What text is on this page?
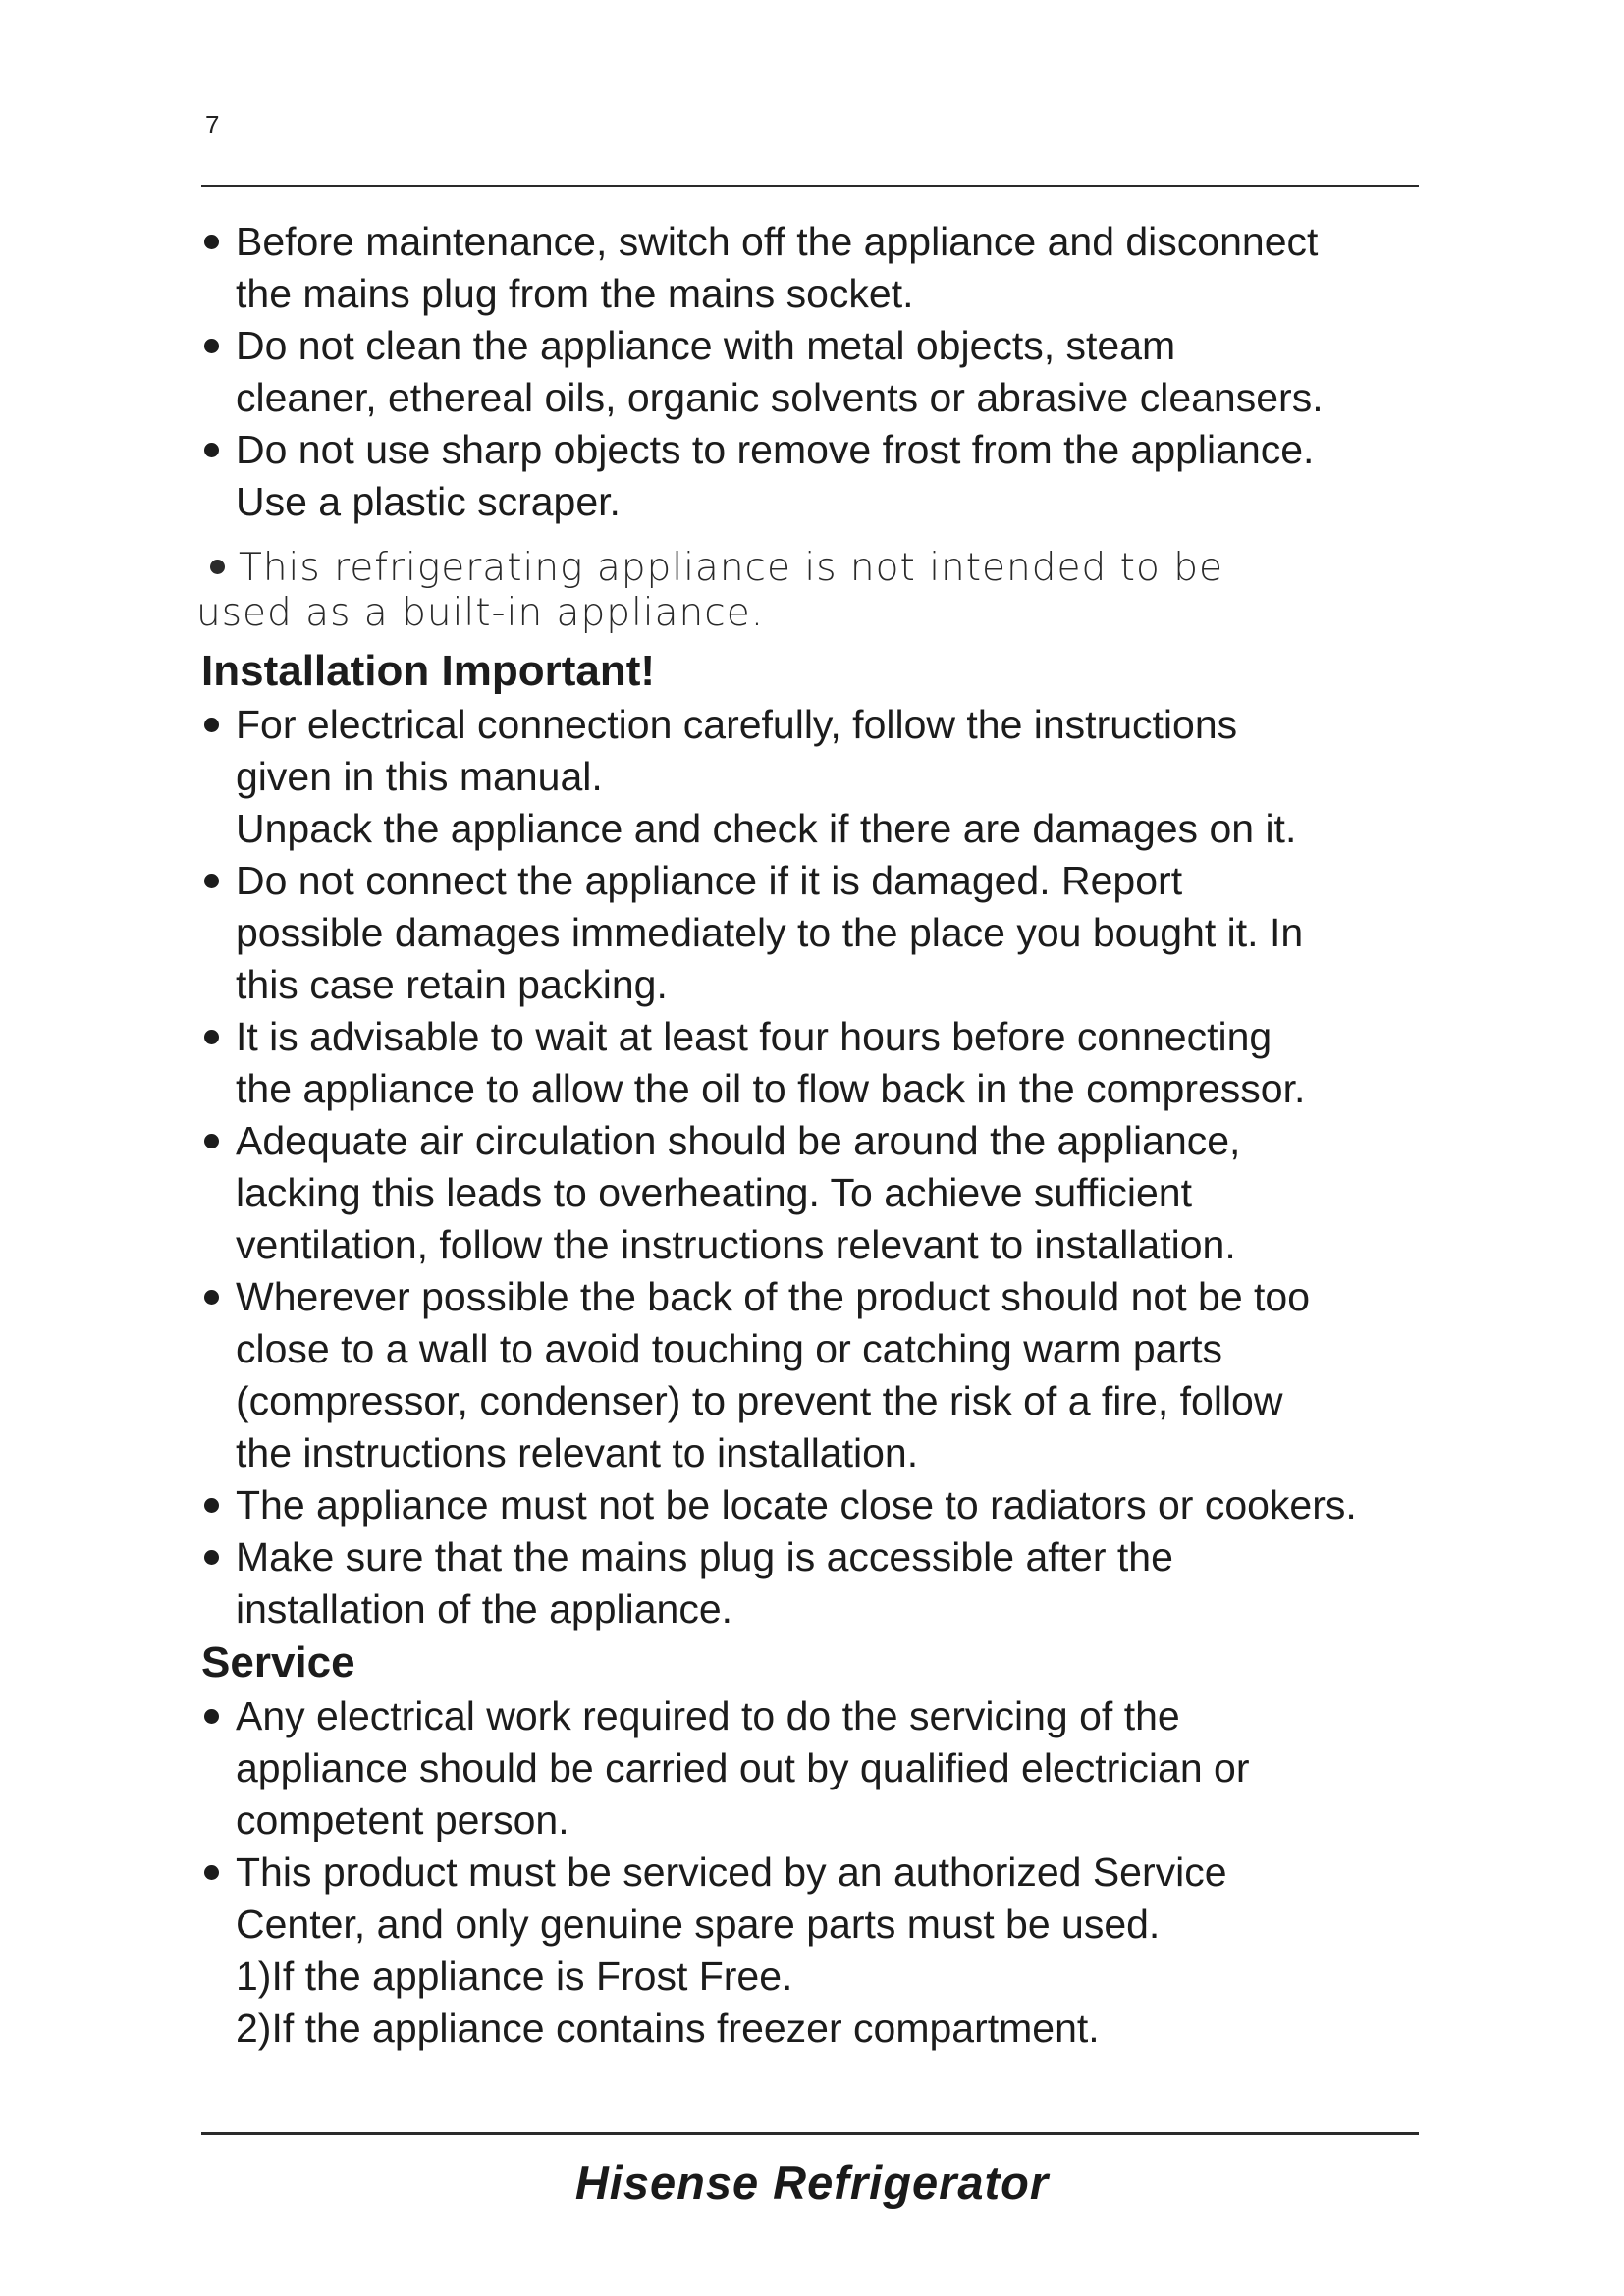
7
Before maintenance, switch off the appliance and disconnect
the mains plug from the mains socket.
Do not clean the appliance with metal objects, steam
cleaner, ethereal oils, organic solvents or abrasive cleansers.
Do not use sharp objects to remove frost from the appliance.
Use a plastic scraper.
This refrigerating appliance is not intended to be
used as a built-in appliance.
Installation Important!
For electrical connection carefully, follow the instructions
given in this manual.
Unpack the appliance and check if there are damages on it.
Do not connect the appliance if it is damaged. Report
possible damages immediately to the place you bought it. In
this case retain packing.
It is advisable to wait at least four hours before connecting
the appliance to allow the oil to flow back in the compressor.
Adequate air circulation should be around the appliance,
lacking this leads to overheating. To achieve sufficient
ventilation, follow the instructions relevant to installation.
Wherever possible the back of the product should not be too
close to a wall to avoid touching or catching warm parts
(compressor, condenser) to prevent the risk of a fire, follow
the instructions relevant to installation.
The appliance must not be locate close to radiators or cookers.
Make sure that the mains plug is accessible after the
installation of the appliance.
Service
Any electrical work required to do the servicing of the
appliance should be carried out by qualified electrician or
competent person.
This product must be serviced by an authorized Service
Center, and only genuine spare parts must be used.
1)If the appliance is Frost Free.
2)If the appliance contains freezer compartment.
Hisense Refrigerator
